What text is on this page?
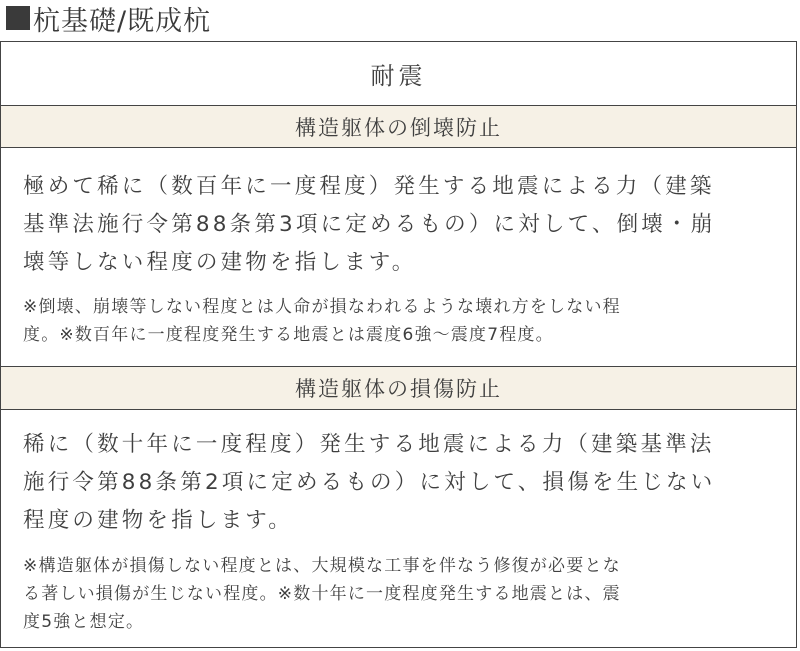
杭基礎/既成杭
耐震
構造躯体の倒壊防止

極めて稀に（数百年に一度程度）発生する地震による力（建築
基準法施行令第88条第3項に定めるもの）に対して、倒壊・崩
壊等しない程度の建物を指します。

※倒壊、崩壊等しない程度とは人命が損なわれるような壊れ方をしない程
度。※数百年に一度程度発生する地震とは震度6強～震度7程度。

構造躯体の損傷防止

稀に（数十年に一度程度）発生する地震による力（建築基準法
施行令第88条第2項に定めるもの）に対して、損傷を生じない
程度の建物を指します。

※構造躯体が損傷しない程度とは、大規模な工事を伴なう修復が必要とな
る著しい損傷が生じない程度。※数十年に一度程度発生する地震とは、震
度5強と想定。
